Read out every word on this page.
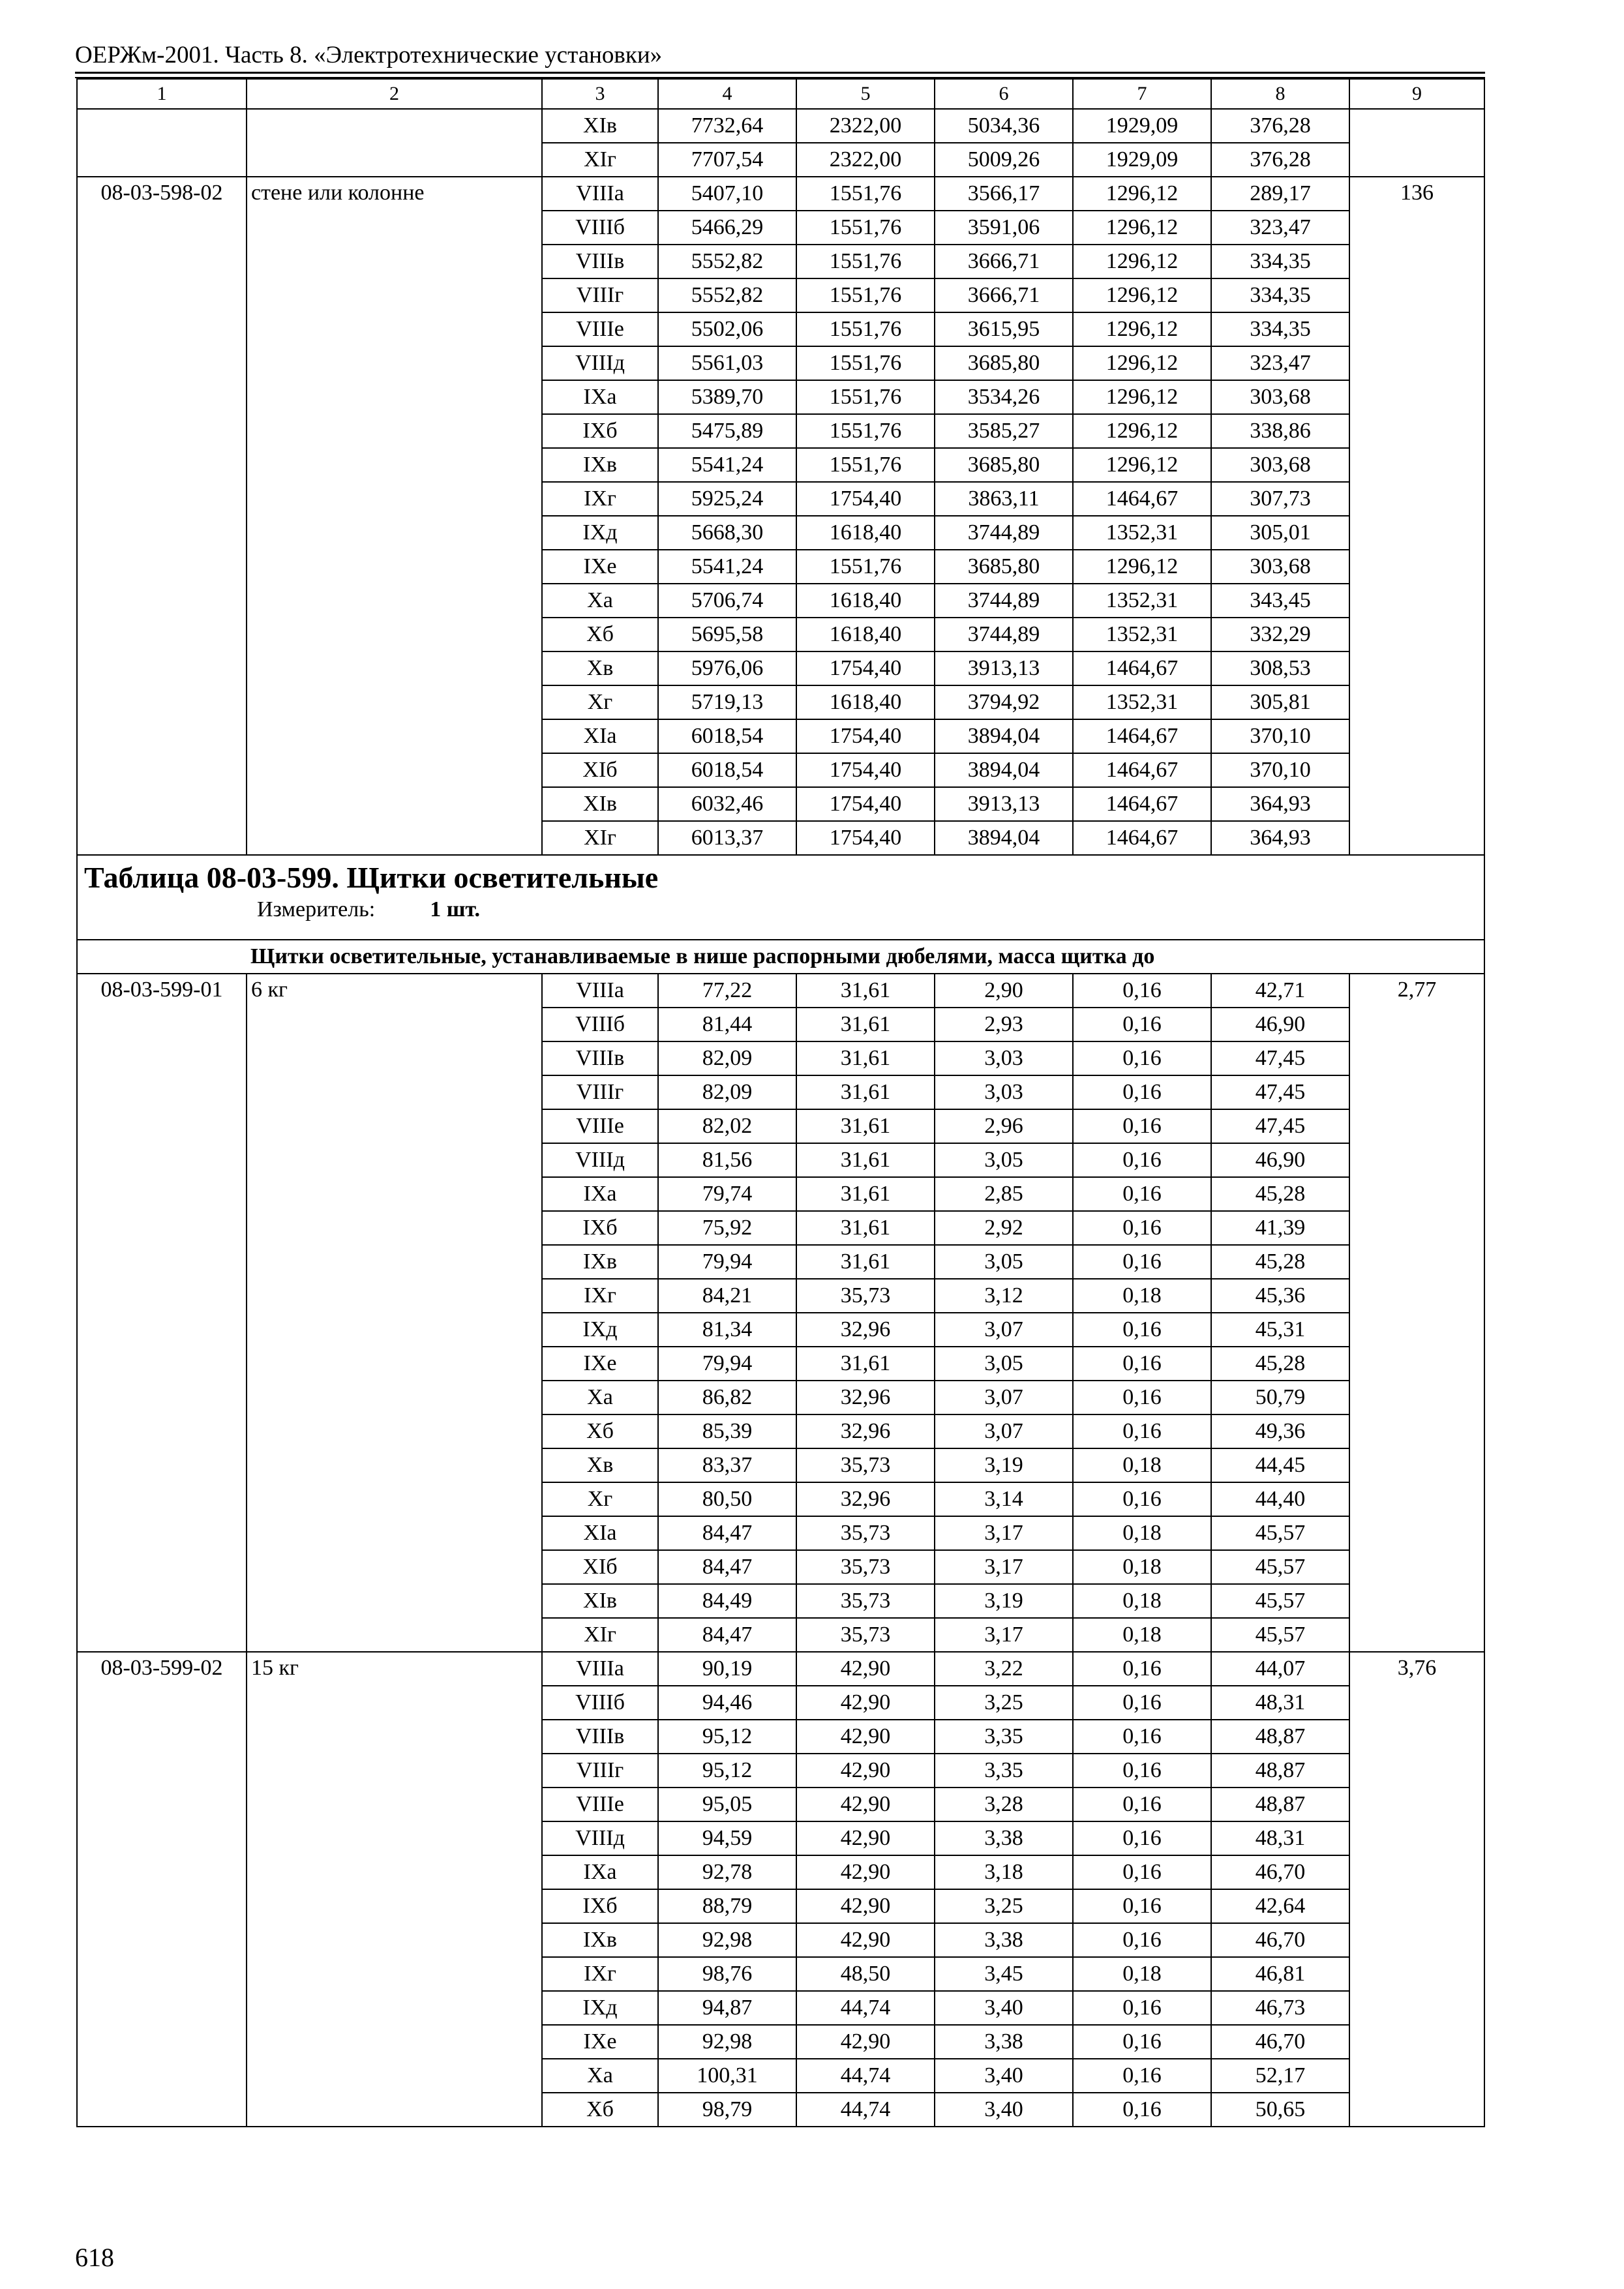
ОЕРЖм-2001. Часть 8. «Электротехнические установки»
1	2	3	4	5	6	7	8	9
		XIв	7732,64	2322,00	5034,36	1929,09	376,28	
		XIг	7707,54	2322,00	5009,26	1929,09	376,28	
08-03-598-02	стене или колонне	VIIIа	5407,10	1551,76	3566,17	1296,12	289,17	136
		VIIIб	5466,29	1551,76	3591,06	1296,12	323,47	
		VIIIв	5552,82	1551,76	3666,71	1296,12	334,35	
		VIIIг	5552,82	1551,76	3666,71	1296,12	334,35	
		VIIIе	5502,06	1551,76	3615,95	1296,12	334,35	
		VIIIд	5561,03	1551,76	3685,80	1296,12	323,47	
		IXа	5389,70	1551,76	3534,26	1296,12	303,68	
		IXб	5475,89	1551,76	3585,27	1296,12	338,86	
		IXв	5541,24	1551,76	3685,80	1296,12	303,68	
		IXг	5925,24	1754,40	3863,11	1464,67	307,73	
		IXд	5668,30	1618,40	3744,89	1352,31	305,01	
		IXе	5541,24	1551,76	3685,80	1296,12	303,68	
		Xа	5706,74	1618,40	3744,89	1352,31	343,45	
		Xб	5695,58	1618,40	3744,89	1352,31	332,29	
		Xв	5976,06	1754,40	3913,13	1464,67	308,53	
		Xг	5719,13	1618,40	3794,92	1352,31	305,81	
		XIа	6018,54	1754,40	3894,04	1464,67	370,10	
		XIб	6018,54	1754,40	3894,04	1464,67	370,10	
		XIв	6032,46	1754,40	3913,13	1464,67	364,93	
		XIг	6013,37	1754,40	3894,04	1464,67	364,93	

Таблица 08-03-599. Щитки осветительные
Измеритель: 1 шт.								

Щитки осветительные, устанавливаемые в нише распорными дюбелями, масса щитка до								
08-03-599-01	6 кг	VIIIа	77,22	31,61	2,90	0,16	42,71	2,77
		VIIIб	81,44	31,61	2,93	0,16	46,90	
		VIIIв	82,09	31,61	3,03	0,16	47,45	
		VIIIг	82,09	31,61	3,03	0,16	47,45	
		VIIIе	82,02	31,61	2,96	0,16	47,45	
		VIIIд	81,56	31,61	3,05	0,16	46,90	
		IXа	79,74	31,61	2,85	0,16	45,28	
		IXб	75,92	31,61	2,92	0,16	41,39	
		IXв	79,94	31,61	3,05	0,16	45,28	
		IXг	84,21	35,73	3,12	0,18	45,36	
		IXд	81,34	32,96	3,07	0,16	45,31	
		IXе	79,94	31,61	3,05	0,16	45,28	
		Xа	86,82	32,96	3,07	0,16	50,79	
		Xб	85,39	32,96	3,07	0,16	49,36	
		Xв	83,37	35,73	3,19	0,18	44,45	
		Xг	80,50	32,96	3,14	0,16	44,40	
		XIа	84,47	35,73	3,17	0,18	45,57	
		XIб	84,47	35,73	3,17	0,18	45,57	
		XIв	84,49	35,73	3,19	0,18	45,57	
		XIг	84,47	35,73	3,17	0,18	45,57	
08-03-599-02	15 кг	VIIIа	90,19	42,90	3,22	0,16	44,07	3,76
		VIIIб	94,46	42,90	3,25	0,16	48,31	
		VIIIв	95,12	42,90	3,35	0,16	48,87	
		VIIIг	95,12	42,90	3,35	0,16	48,87	
		VIIIе	95,05	42,90	3,28	0,16	48,87	
		VIIIд	94,59	42,90	3,38	0,16	48,31	
		IXа	92,78	42,90	3,18	0,16	46,70	
		IXб	88,79	42,90	3,25	0,16	42,64	
		IXв	92,98	42,90	3,38	0,16	46,70	
		IXг	98,76	48,50	3,45	0,18	46,81	
		IXд	94,87	44,74	3,40	0,16	46,73	
		IXе	92,98	42,90	3,38	0,16	46,70	
		Xа	100,31	44,74	3,40	0,16	52,17	
		Xб	98,79	44,74	3,40	0,16	50,65	
618
